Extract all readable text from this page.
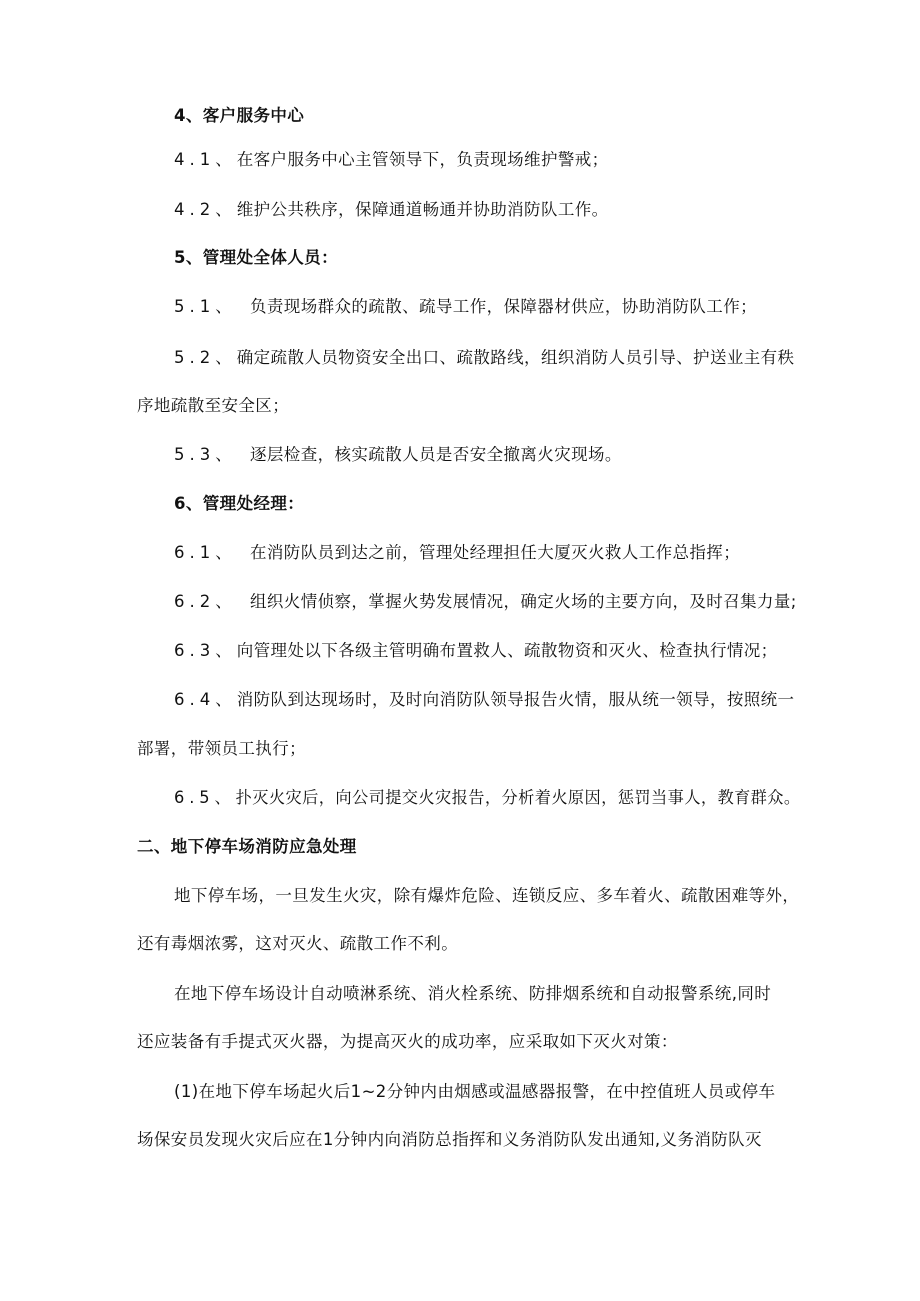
4、客户服务中心

4.1、在客户服务中心主管领导下，负责现场维护警戒；

4.2、维护公共秩序，保障通道畅通并协助消防队工作。

5、管理处全体人员：

5.1、 负责现场群众的疏散、疏导工作，保障器材供应，协助消防队工作；

5.2、确定疏散人员物资安全出口、疏散路线，组织消防人员引导、护送业主有秩

序地疏散至安全区；

5.3、 逐层检查，核实疏散人员是否安全撤离火灾现场。

6、管理处经理：

6.1、 在消防队员到达之前，管理处经理担任大厦灭火救人工作总指挥；

6.2、 组织火情侦察，掌握火势发展情况，确定火场的主要方向，及时召集力量;

6.3、向管理处以下各级主管明确布置救人、疏散物资和灭火、检查执行情况；

6.4、消防队到达现场时，及时向消防队领导报告火情，服从统一领导，按照统一

部署，带领员工执行；

6.5、扑灭火灾后，向公司提交火灾报告，分析着火原因，惩罚当事人，教育群众。

二、地下停车场消防应急处理

地下停车场，一旦发生火灾，除有爆炸危险、连锁反应、多车着火、疏散困难等外，

还有毒烟浓雾，这对灭火、疏散工作不利。

在地下停车场设计自动喷淋系统、消火栓系统、防排烟系统和自动报警系统,同时

还应装备有手提式灭火器，为提高灭火的成功率，应采取如下灭火对策：

(1)在地下停车场起火后1~2分钟内由烟感或温感器报警，在中控值班人员或停车

场保安员发现火灾后应在1分钟内向消防总指挥和义务消防队发出通知,义务消防队灭
